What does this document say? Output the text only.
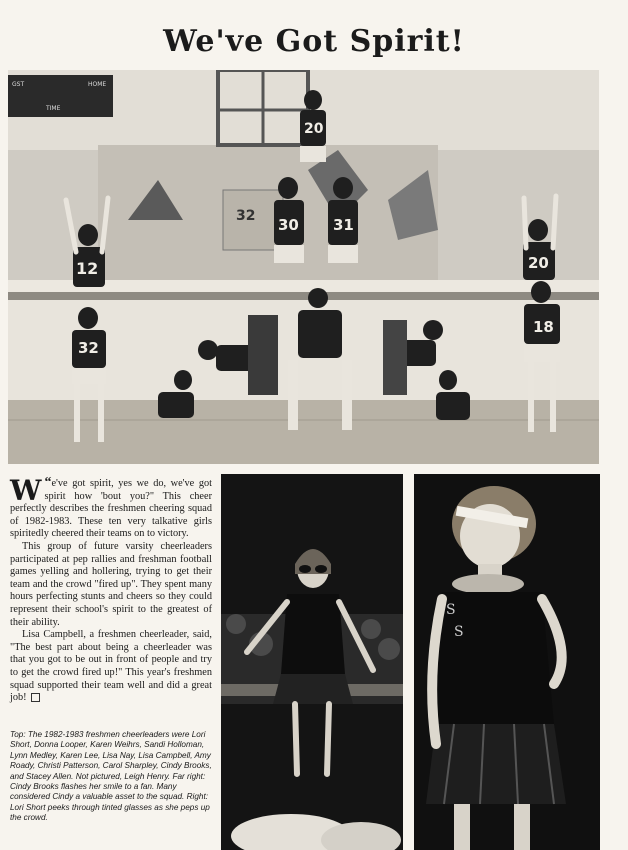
We've Got Spirit!
GST	HOME
TIME
32
20
30 31
12
32
20
18

“
W e've got spirit, yes we do, we've got spirit how 'bout you?" This cheer perfectly describes the freshmen cheering squad of 1982-1983. These ten very talkative girls spiritedly cheered their teams on to victory.

This group of future varsity cheerleaders participated at pep rallies and freshman football games yelling and hollering, trying to get their team and the crowd "fired up". They spent many hours perfecting stunts and cheers so they could represent their school's spirit to the greatest of their ability.

Lisa Campbell, a freshmen cheerleader, said, "The best part about being a cheerleader was that you got to be out in front of people and try to get the crowd fired up!" This year's freshmen squad supported their team well and did a great job!

Top: The 1982-1983 freshmen cheerleaders were Lori Short, Donna Looper, Karen Weihrs, Sandi Holloman, Lynn Medley, Karen Lee, Lisa Nay, Lisa Campbell, Amy Roady, Christi Patterson, Carol Sharpley, Cindy Brooks, and Stacey Allen. Not pictured, Leigh Henry. Far right: Cindy Brooks flashes her smile to a fan. Many considered Cindy a valuable asset to the squad. Right: Lori Short peeks through tinted glasses as she peps up the crowd.
S
S
